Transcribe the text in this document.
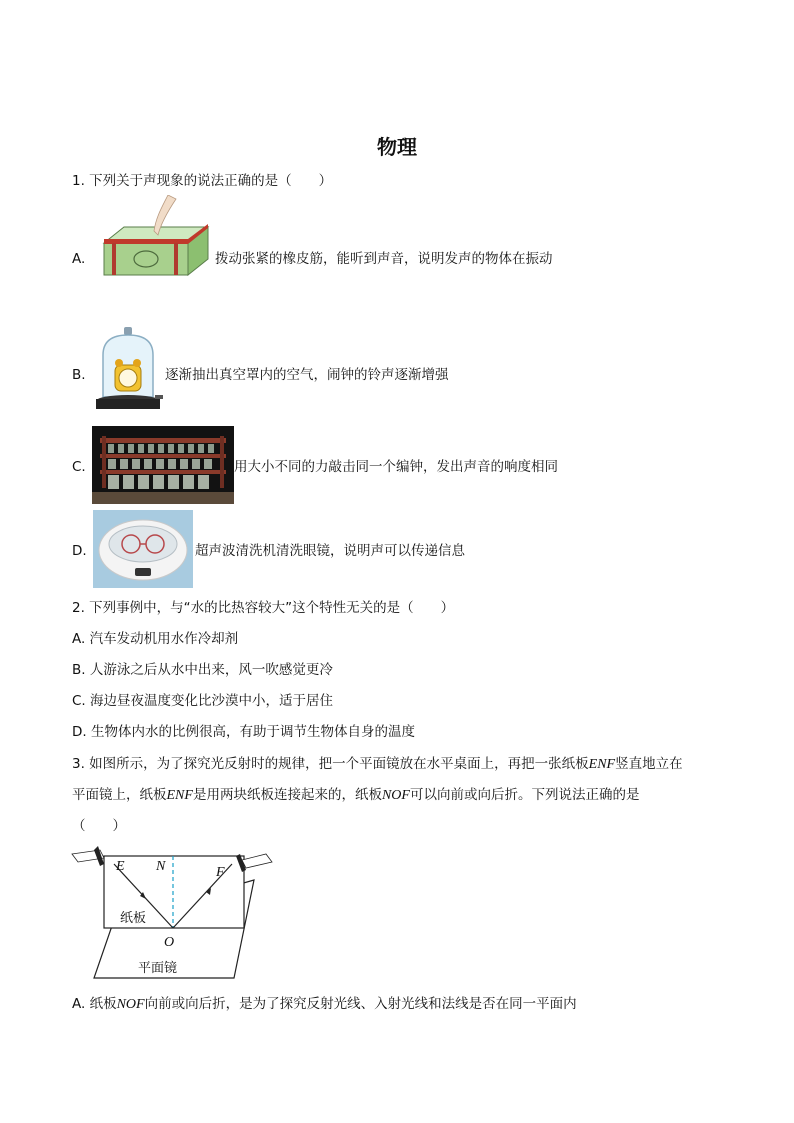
物理
1. 下列关于声现象的说法正确的是（　　）
A.	拨动张紧的橡皮筋，能听到声音，说明发声的物体在振动
B.	逐渐抽出真空罩内的空气，闹钟的铃声逐渐增强
C.	用大小不同的力敲击同一个编钟，发出声音的响度相同
D.	超声波清洗机清洗眼镜，说明声可以传递信息
2. 下列事例中，与“水的比热容较大”这个特性无关的是（　　）
A. 汽车发动机用水作冷却剂
B. 人游泳之后从水中出来，风一吹感觉更冷
C. 海边昼夜温度变化比沙漠中小，适于居住
D. 生物体内水的比例很高，有助于调节生物体自身的温度
3. 如图所示，为了探究光反射时的规律，把一个平面镜放在水平桌面上，再把一张纸板ENF竖直地立在
平面镜上，纸板ENF是用两块纸板连接起来的，纸板NOF可以向前或向后折。下列说法正确的是
（　　）
E N	F
O
纸板
平面镜
A. 纸板NOF向前或向后折，是为了探究反射光线、入射光线和法线是否在同一平面内
